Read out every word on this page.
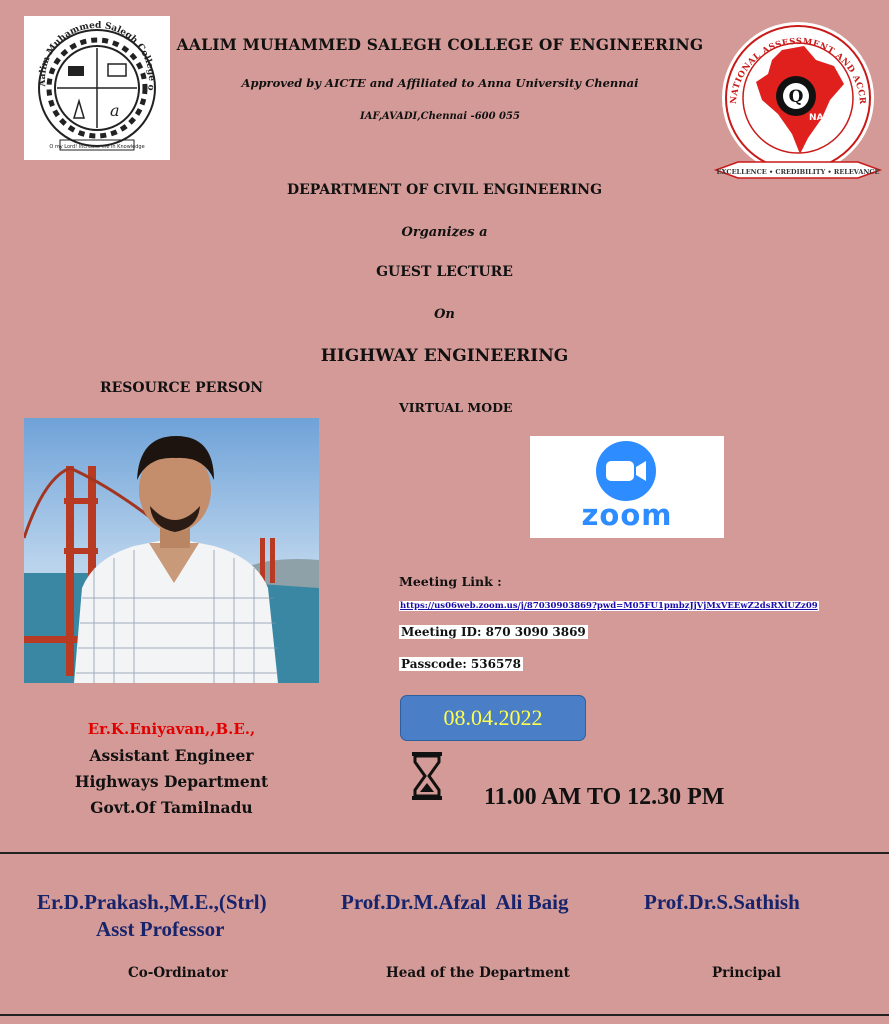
Aalim Muhammed Salegh College o
a
O my Lord! Increase me in Knowledge
AALIM MUHAMMED SALEGH COLLEGE OF ENGINEERING
Approved by AICTE and Affiliated to Anna University Chennai
IAF,AVADI,Chennai -600 055
NATIONAL ASSESSMENT AND ACCR
Q
NAAC
EXCELLENCE • CREDIBILITY • RELEVANCE
DEPARTMENT OF CIVIL ENGINEERING
Organizes a
GUEST LECTURE
On
HIGHWAY ENGINEERING
RESOURCE PERSON
VIRTUAL MODE
zoom
Meeting Link :
https://us06web.zoom.us/j/87030903869?pwd=M05FU1pmbzJjVjMxVEEwZ2dsRXlUZz09
Meeting ID: 870 3090 3869
Passcode: 536578
08.04.2022
Er.K.Eniyavan,,B.E.,
Assistant Engineer
Highways Department
Govt.Of Tamilnadu	11.00 AM TO 12.30 PM
Er.D.Prakash.,M.E.,(Strl)
Asst Professor
Prof.Dr.M.Afzal  Ali Baig	Prof.Dr.S.Sathish
Co-Ordinator	Head of the Department	Principal
